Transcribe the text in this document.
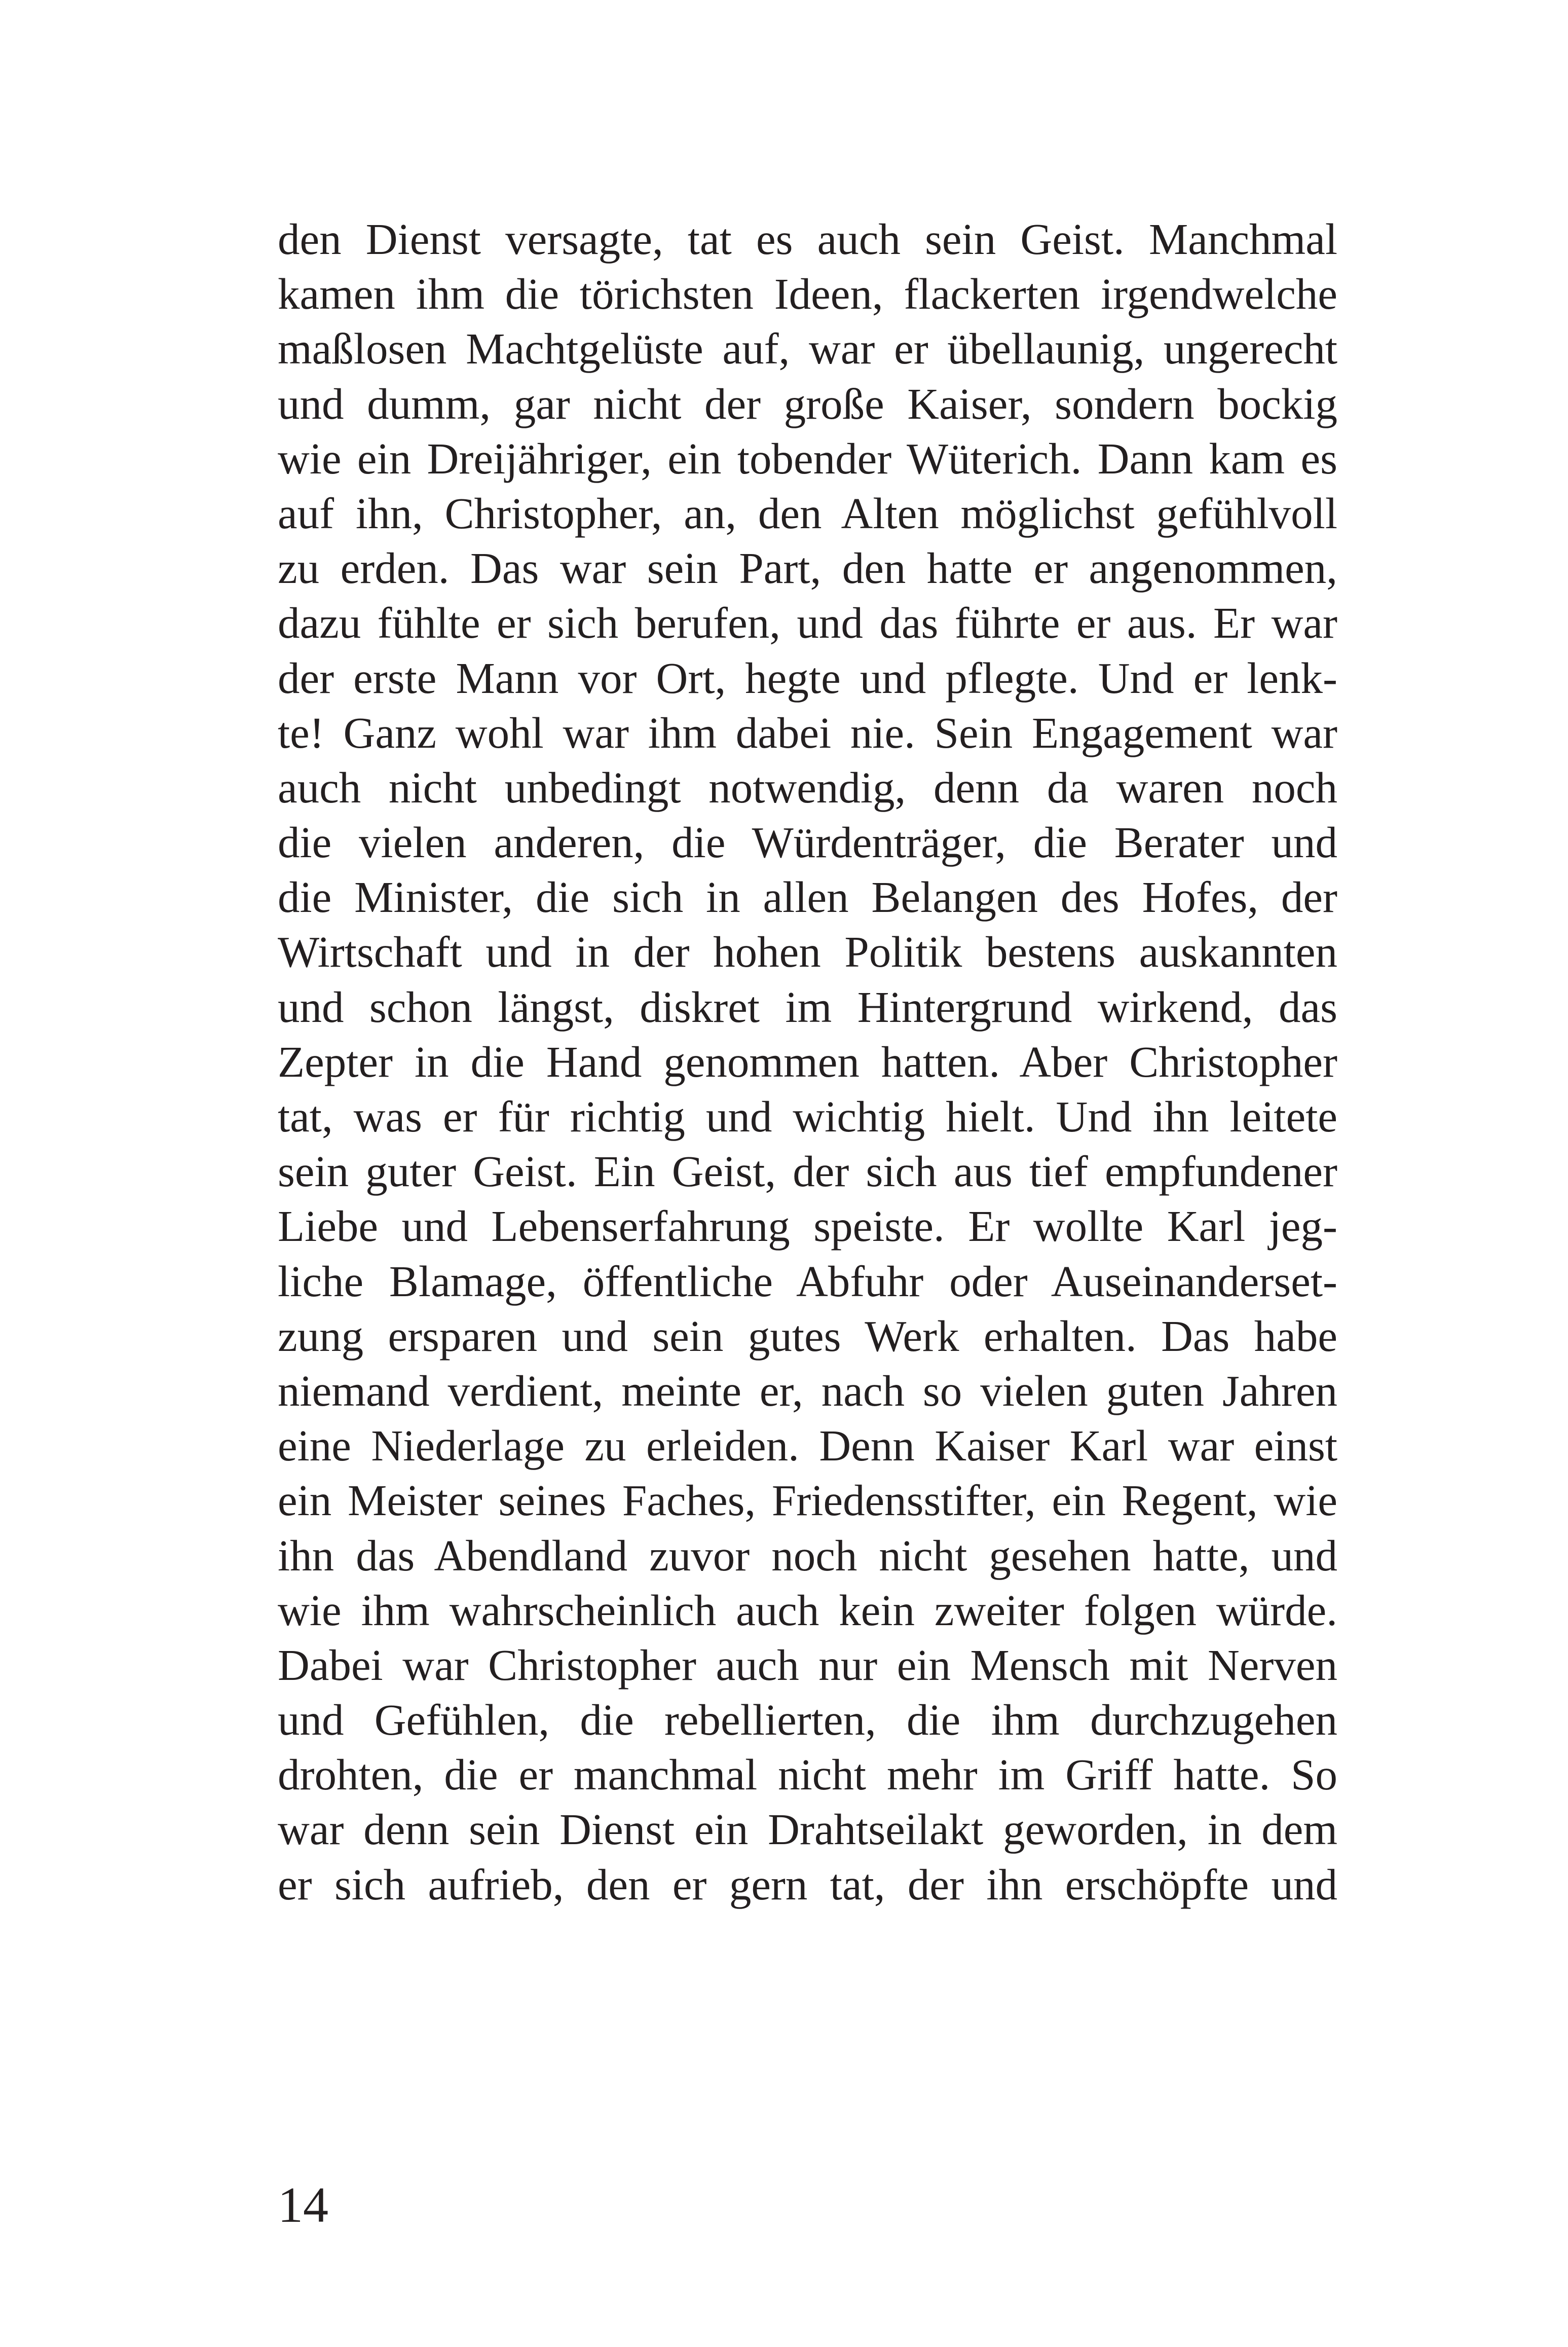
den Dienst versagte, tat es auch sein Geist. Manchmal
kamen ihm die törichsten Ideen, flackerten irgendwelche
maßlosen Machtgelüste auf, war er übellaunig, ungerecht
und dumm, gar nicht der große Kaiser, sondern bockig
wie ein Dreijähriger, ein tobender Wüterich. Dann kam es
auf ihn, Christopher, an, den Alten möglichst gefühlvoll
zu erden. Das war sein Part, den hatte er angenommen,
dazu fühlte er sich berufen, und das führte er aus. Er war
der erste Mann vor Ort, hegte und pflegte. Und er lenk-
te! Ganz wohl war ihm dabei nie. Sein Engagement war
auch nicht unbedingt notwendig, denn da waren noch
die vielen anderen, die Würdenträger, die Berater und
die Minister, die sich in allen Belangen des Hofes, der
Wirtschaft und in der hohen Politik bestens auskannten
und schon längst, diskret im Hintergrund wirkend, das
Zepter in die Hand genommen hatten. Aber Christopher
tat, was er für richtig und wichtig hielt. Und ihn leitete
sein guter Geist. Ein Geist, der sich aus tief empfundener
Liebe und Lebenserfahrung speiste. Er wollte Karl jeg-
liche Blamage, öffentliche Abfuhr oder Auseinanderset-
zung ersparen und sein gutes Werk erhalten. Das habe
niemand verdient, meinte er, nach so vielen guten Jahren
eine Niederlage zu erleiden. Denn Kaiser Karl war einst
ein Meister seines Faches, Friedensstifter, ein Regent, wie
ihn das Abendland zuvor noch nicht gesehen hatte, und
wie ihm wahrscheinlich auch kein zweiter folgen würde.
Dabei war Christopher auch nur ein Mensch mit Nerven
und Gefühlen, die rebellierten, die ihm durchzugehen
drohten, die er manchmal nicht mehr im Griff hatte. So
war denn sein Dienst ein Drahtseilakt geworden, in dem
er sich aufrieb, den er gern tat, der ihn erschöpfte und
14
